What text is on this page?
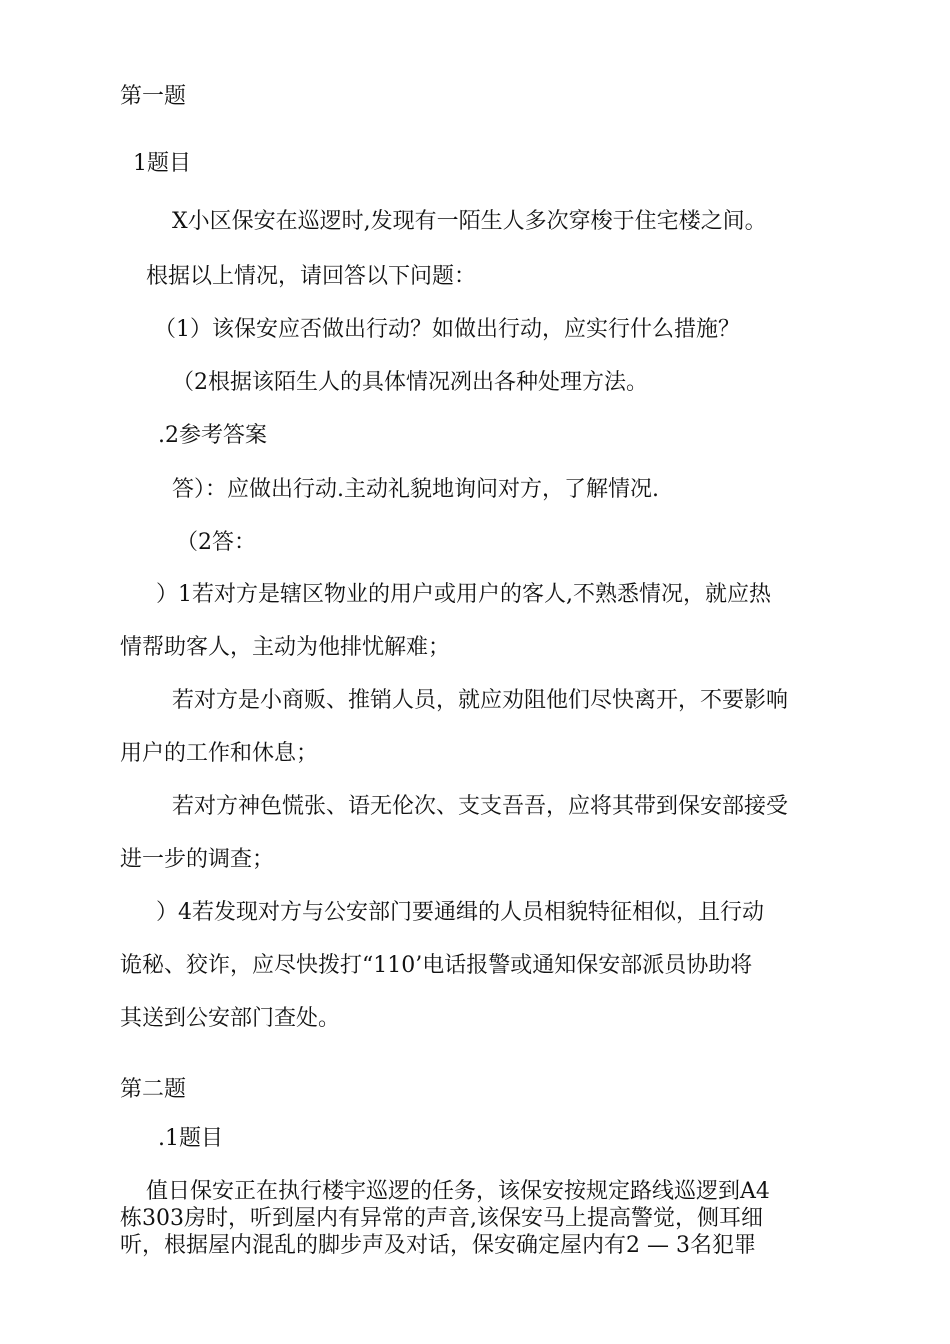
第一题
1题目
X小区保安在巡逻时,发现有一陌生人多次穿梭于住宅楼之间。
根据以上情况，请回答以下问题：
（1）该保安应否做出行动？如做出行动，应实行什么措施？
（2根据该陌生人的具体情况冽出各种处理方法。
.2参考答案
答）：应做出行动.主动礼貌地询问对方，了解情况.
（2答：
）1若对方是辖区物业的用户或用户的客人,不熟悉情况，就应热
情帮助客人，主动为他排忧解难；
若对方是小商贩、推销人员，就应劝阻他们尽快离开，不要影响
用户的工作和休息；
若对方神色慌张、语无伦次、支支吾吾，应将其带到保安部接受
进一步的调查；
）4若发现对方与公安部门要通缉的人员相貌特征相似，且行动
诡秘、狡诈，应尽快拨打“110’电话报警或通知保安部派员协助将
其送到公安部门查处。
第二题
.1题目
值日保安正在执行楼宇巡逻的任务，该保安按规定路线巡逻到A4
栋303房时，听到屋内有异常的声音,该保安马上提高警觉，侧耳细
听，根据屋内混乱的脚步声及对话，保安确定屋内有2 — 3名犯罪
